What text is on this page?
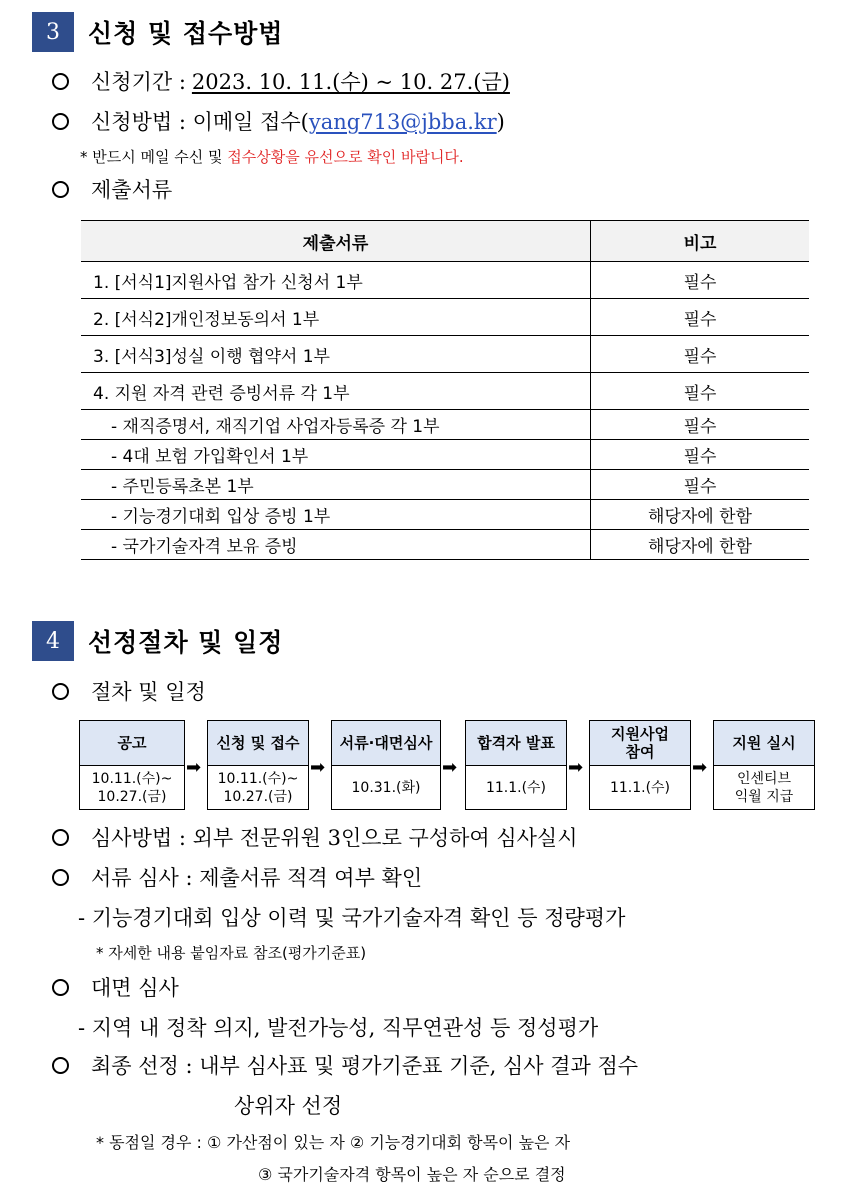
3	신청 및 접수방법
신청기간 : 2023. 10. 11.(수) ~ 10. 27.(금)
신청방법 : 이메일 접수( yang713@jbba.kr )
* 반드시 메일 수신 및 접수상황을 유선으로 확인 바랍니다.
제출서류
제출서류	비고
1. [서식1]지원사업 참가 신청서 1부	필수
2. [서식2]개인정보동의서 1부	필수
3. [서식3]성실 이행 협약서 1부	필수
4. 지원 자격 관련 증빙서류 각 1부	필수
- 재직증명서, 재직기업 사업자등록증 각 1부	필수
- 4대 보험 가입확인서 1부	필수
- 주민등록초본 1부	필수
- 기능경기대회 입상 증빙 1부	해당자에 한함
- 국가기술자격 보유 증빙	해당자에 한함
4	선정절차 및 일정
절차 및 일정
공고
10.11.(수)~
10.27.(금)
➡
신청 및 접수
10.11.(수)~
10.27.(금)
➡
서류·대면심사
10.31.(화)
➡
합격자 발표
11.1.(수)
➡
지원사업
참여
11.1.(수)
➡
지원 실시
인센티브
익월 지급
심사방법 : 외부 전문위원 3인으로 구성하여 심사실시
서류 심사 : 제출서류 적격 여부 확인
- 기능경기대회 입상 이력 및 국가기술자격 확인 등 정량평가
* 자세한 내용 붙임자료 참조(평가기준표)
대면 심사
- 지역 내 정착 의지, 발전가능성, 직무연관성 등 정성평가
최종 선정 : 내부 심사표 및 평가기준표 기준, 심사 결과 점수
상위자 선정
* 동점일 경우 : ① 가산점이 있는 자 ② 기능경기대회 항목이 높은 자
③ 국가기술자격 항목이 높은 자 순으로 결정
